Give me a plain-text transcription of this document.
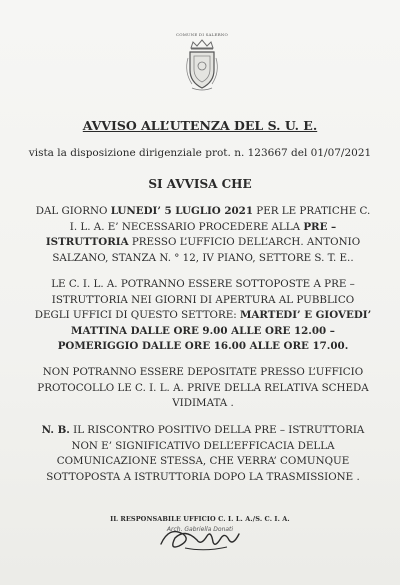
COMUNE DI SALERNO
AVVISO ALL’UTENZA DEL S. U. E.
vista la disposizione dirigenziale prot. n. 123667 del 01/07/2021
SI AVVISA CHE
DAL GIORNO LUNEDI’ 5 LUGLIO 2021 PER LE PRATICHE C. I. L. A. E’ NECESSARIO PROCEDERE ALLA PRE – ISTRUTTORIA PRESSO L’UFFICIO DELL’ARCH. ANTONIO SALZANO, STANZA N. ° 12, IV PIANO, SETTORE S. T. E..
LE C. I. L. A. POTRANNO ESSERE SOTTOPOSTE A PRE – ISTRUTTORIA NEI GIORNI DI APERTURA AL PUBBLICO DEGLI UFFICI DI QUESTO SETTORE: MARTEDI’ E GIOVEDI’ MATTINA DALLE ORE 9.00 ALLE ORE 12.00 – POMERIGGIO DALLE ORE 16.00 ALLE ORE 17.00.
NON POTRANNO ESSERE DEPOSITATE PRESSO L’UFFICIO PROTOCOLLO LE C. I. L. A. PRIVE DELLA RELATIVA SCHEDA VIDIMATA .
N. B. IL RISCONTRO POSITIVO DELLA PRE – ISTRUTTORIA NON E’ SIGNIFICATIVO DELL’EFFICACIA DELLA COMUNICAZIONE STESSA, CHE VERRA’ COMUNQUE SOTTOPOSTA A ISTRUTTORIA DOPO LA TRASMISSIONE .
IL RESPONSABILE UFFICIO C. I. L. A./S. C. I. A.
Arch. Gabriella Donati
